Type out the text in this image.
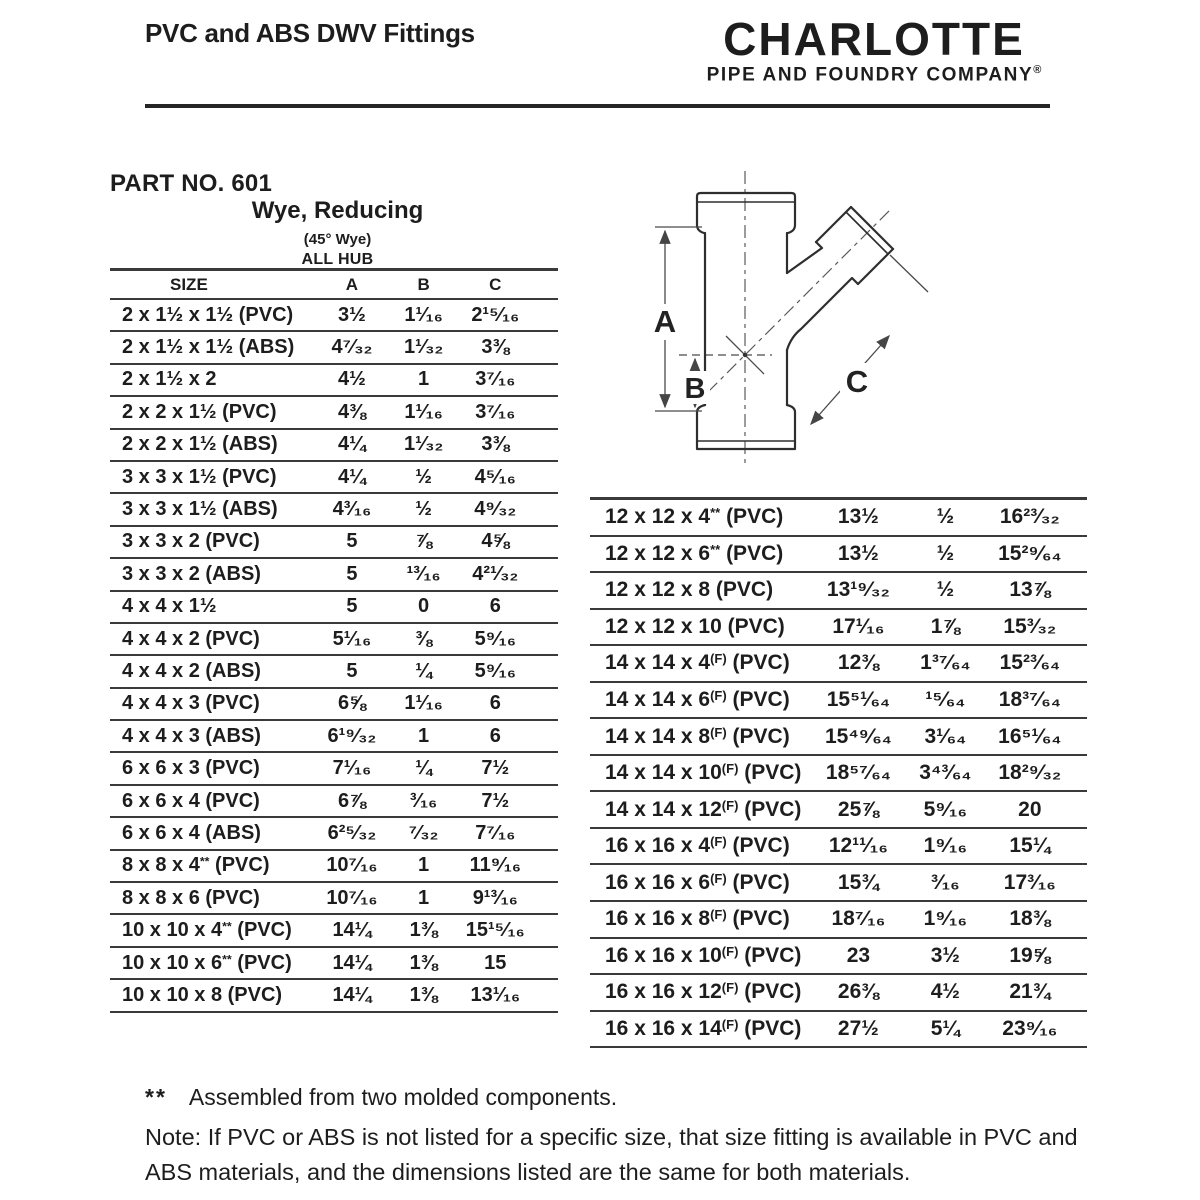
PVC and ABS DWV Fittings	CHARLOTTE
PIPE AND FOUNDRY COMPANY®
PART NO. 601
Wye, Reducing
(45° Wye)
ALL HUB
SIZE	A	B	C
2 x 1½ x 1½ (PVC)	3½	1¹⁄₁₆	2¹⁵⁄₁₆
2 x 1½ x 1½ (ABS)	4⁷⁄₃₂	1¹⁄₃₂	3⅜
2 x 1½ x 2	4½	1	3⁷⁄₁₆
2 x 2 x 1½ (PVC)	4⅜	1¹⁄₁₆	3⁷⁄₁₆
2 x 2 x 1½ (ABS)	4¼	1¹⁄₃₂	3⅜
3 x 3 x 1½ (PVC)	4¼	½	4⁵⁄₁₆
3 x 3 x 1½ (ABS)	4³⁄₁₆	½	4⁹⁄₃₂
3 x 3 x 2 (PVC)	5	⅞	4⅝
3 x 3 x 2 (ABS)	5	¹³⁄₁₆	4²¹⁄₃₂
4 x 4 x 1½	5	0	6
4 x 4 x 2 (PVC)	5¹⁄₁₆	⅜	5⁹⁄₁₆
4 x 4 x 2 (ABS)	5	¼	5⁹⁄₁₆
4 x 4 x 3 (PVC)	6⅝	1¹⁄₁₆	6
4 x 4 x 3 (ABS)	6¹⁹⁄₃₂	1	6
6 x 6 x 3 (PVC)	7¹⁄₁₆	¼	7½
6 x 6 x 4 (PVC)	6⅞	³⁄₁₆	7½
6 x 6 x 4 (ABS)	6²⁵⁄₃₂	⁷⁄₃₂	7⁷⁄₁₆
8 x 8 x 4** (PVC)	10⁷⁄₁₆	1	11⁹⁄₁₆
8 x 8 x 6 (PVC)	10⁷⁄₁₆	1	9¹³⁄₁₆
10 x 10 x 4** (PVC)	14¼	1⅜	15¹⁵⁄₁₆
10 x 10 x 6** (PVC)	14¼	1⅜	15
10 x 10 x 8 (PVC)	14¼	1⅜	13¹⁄₁₆
12 x 12 x 4** (PVC)	13½	½	16²³⁄₃₂
12 x 12 x 6** (PVC)	13½	½	15²⁹⁄₆₄
12 x 12 x 8 (PVC)	13¹⁹⁄₃₂	½	13⅞
12 x 12 x 10 (PVC)	17¹⁄₁₆	1⅞	15³⁄₃₂
14 x 14 x $4^{(F)}$ (PVC)	12⅜	1³⁷⁄₆₄	15²³⁄₆₄
14 x 14 x $6^{(F)}$ (PVC)	15⁵¹⁄₆₄	¹⁵⁄₆₄	18³⁷⁄₆₄
14 x 14 x $8^{(F)}$ (PVC)	15⁴⁹⁄₆₄	3¹⁄₆₄	16⁵¹⁄₆₄
14 x 14 x $10^{(F)}$ (PVC)	18⁵⁷⁄₆₄	3⁴³⁄₆₄	18²⁹⁄₃₂
14 x 14 x $12^{(F)}$ (PVC)	25⅞	5⁹⁄₁₆	20
16 x 16 x $4^{(F)}$ (PVC)	12¹¹⁄₁₆	1⁹⁄₁₆	15¼
16 x 16 x $6^{(F)}$ (PVC)	15¾	³⁄₁₆	17³⁄₁₆
16 x 16 x $8^{(F)}$ (PVC)	18⁷⁄₁₆	1⁹⁄₁₆	18⅜
16 x 16 x $10^{(F)}$ (PVC)	23	3½	19⅝
16 x 16 x $12^{(F)}$ (PVC)	26⅜	4½	21¾
16 x 16 x $14^{(F)}$ (PVC)	27½	5¼	23⁹⁄₁₆
A
B	C
** Assembled from two molded components.
Note: If PVC or ABS is not listed for a specific size, that size fitting is available in PVC and ABS materials, and the dimensions listed are the same for both materials.
